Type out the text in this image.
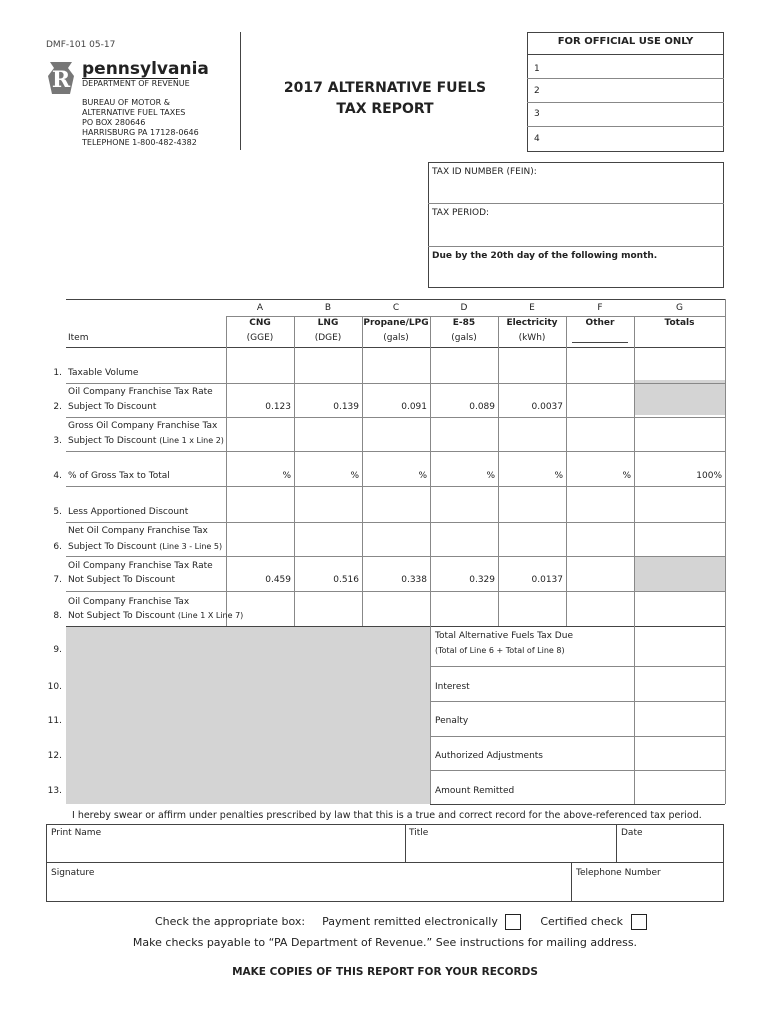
DMF-101 05-17
R pennsylvania
DEPARTMENT OF REVENUE
BUREAU OF MOTOR &
ALTERNATIVE FUEL TAXES
PO BOX 280646
HARRISBURG PA 17128-0646
TELEPHONE 1-800-482-4382
2017 ALTERNATIVE FUELS
TAX REPORT
FOR OFFICIAL USE ONLY
1
2
3
4
TAX ID NUMBER (FEIN):
TAX PERIOD:
Due by the 20th day of the following month.
A	B	C	D	E	F	G
CNG	LNG	Propane/LPG	E-85	Electricity	Other	Totals
Item	(GGE)	(DGE)	(gals)	(gals)	(kWh)
1. Taxable Volume
Oil Company Franchise Tax Rate
2. Subject To Discount	0.123	0.139	0.091	0.089	0.0037
Gross Oil Company Franchise Tax
3. Subject To Discount (Line 1 x Line 2)
4. % of Gross Tax to Total	%	%	%	%	%	%	100%
5. Less Apportioned Discount
Net Oil Company Franchise Tax
6. Subject To Discount (Line 3 - Line 5)
Oil Company Franchise Tax Rate
7. Not Subject To Discount	0.459	0.516	0.338	0.329	0.0137
Oil Company Franchise Tax
8. Not Subject To Discount (Line 1 X Line 7)
9.
Total Alternative Fuels Tax Due
(Total of Line 6 + Total of Line 8)
10.	Interest
11.	Penalty
12.	Authorized Adjustments
13.	Amount Remitted
I hereby swear or affirm under penalties prescribed by law that this is a true and correct record for the above-referenced tax period.
Print Name	Title	Date
Signature	Telephone Number
Check the appropriate box: Payment remitted electronically	Certified check
Make checks payable to “PA Department of Revenue.” See instructions for mailing address.
MAKE COPIES OF THIS REPORT FOR YOUR RECORDS
